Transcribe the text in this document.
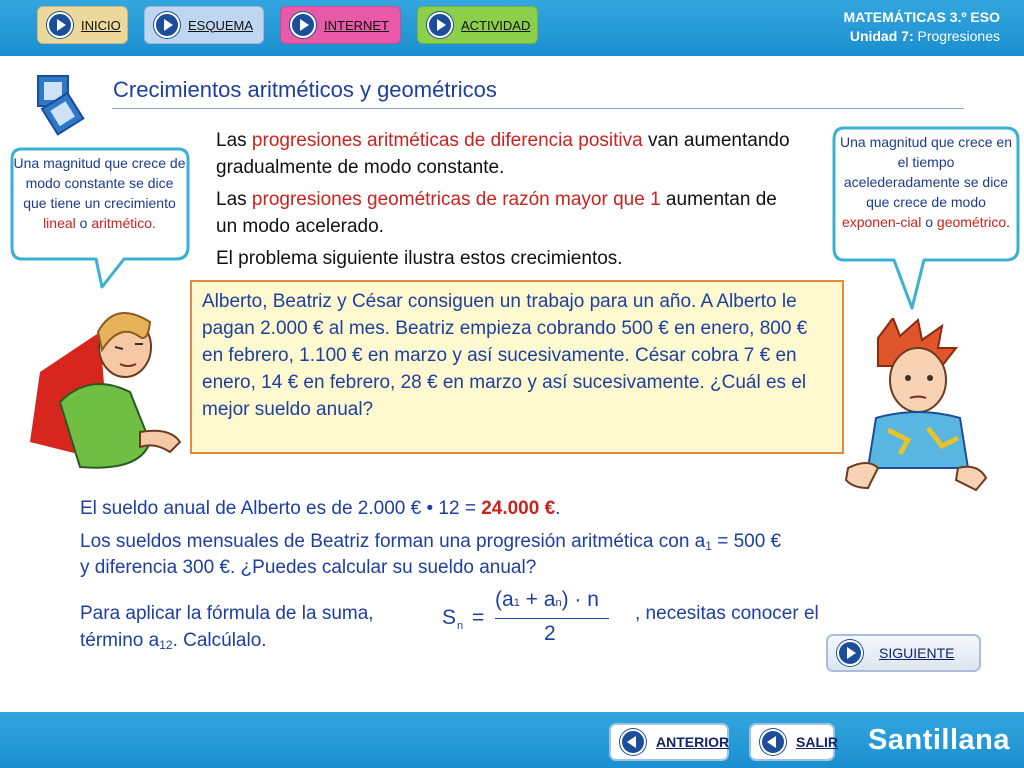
INICIO	ESQUEMA	INTERNET	ACTIVIDAD	MATEMÁTICAS 3.º ESO
Unidad 7: Progresiones
Crecimientos aritméticos y geométricos
Las progresiones aritméticas de diferencia positiva van aumentando gradualmente de modo constante.
Las progresiones geométricas de razón mayor que 1 aumentan de un modo acelerado.
El problema siguiente ilustra estos crecimientos.
Una magnitud que crece de modo constante se dice que tiene un crecimiento
lineal o aritmético.
Una magnitud que crece en el tiempo acelederadamente se dice que crece de modo exponen-cial o geométrico.
Alberto, Beatriz y César consiguen un trabajo para un año. A Alberto le pagan 2.000 € al mes. Beatriz empieza cobrando 500 € en enero, 800 € en febrero, 1.100 € en marzo y así sucesivamente. César cobra 7 € en enero, 14 € en febrero, 28 € en marzo y así sucesivamente. ¿Cuál es el mejor sueldo anual?
El sueldo anual de Alberto es de 2.000 € • 12 = 24.000 €.
Los sueldos mensuales de Beatriz forman una progresión aritmética con $a_1 = 500$ €
y diferencia 300 €. ¿Puedes calcular su sueldo anual?
Para aplicar la fórmula de la suma,	, necesitas conocer el
término $a_{12}$. Calcúlalo.
S n =
(a1 + an) · n
2
SIGUIENTE
ANTERIOR	SALIR Santillana
